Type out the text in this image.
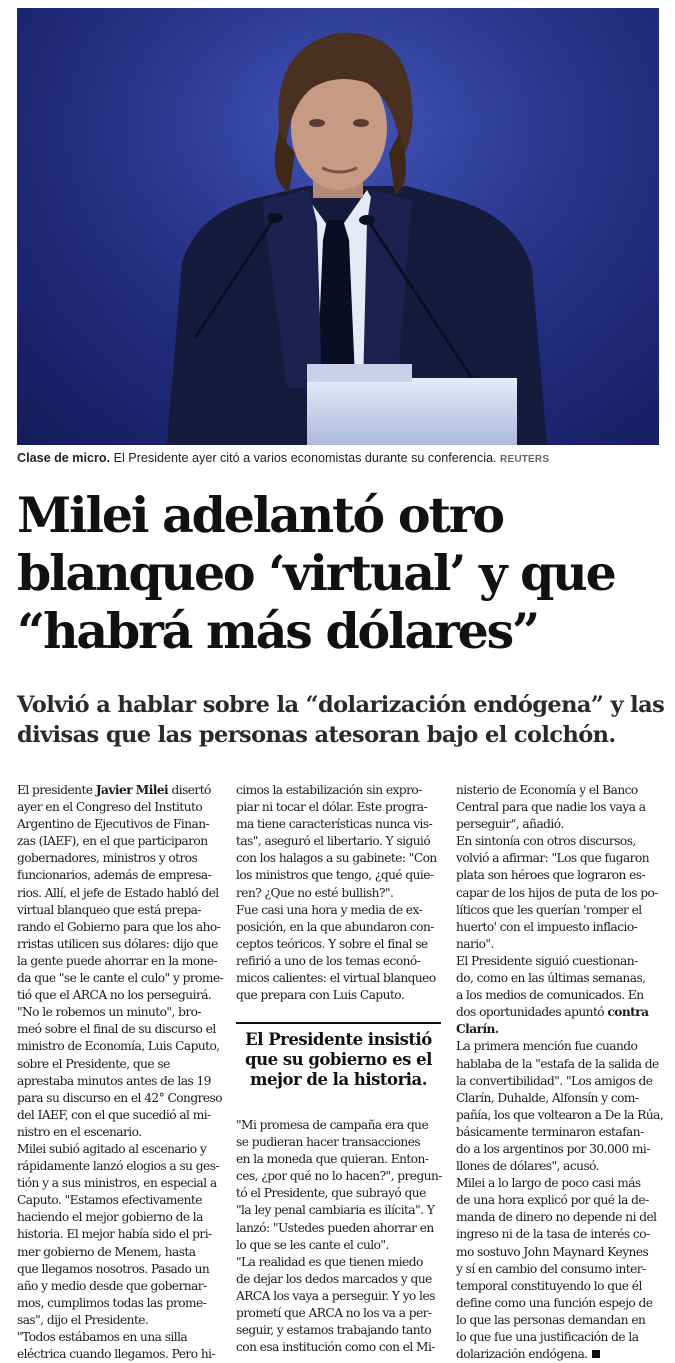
Clase de micro. El Presidente ayer citó a varios economistas durante su conferencia. REUTERS
Milei adelantó otro
blanqueo ‘virtual’ y que
“habrá más dólares”
Volvió a hablar sobre la “dolarización endógena” y las
divisas que las personas atesoran bajo el colchón.
El presidente Javier Milei disertó
ayer en el Congreso del Instituto
Argentino de Ejecutivos de Finan-
zas (IAEF), en el que participaron
gobernadores, ministros y otros
funcionarios, además de empresa-
rios. Allí, el jefe de Estado habló del
virtual blanqueo que está prepa-
rando el Gobierno para que los aho-
rristas utilicen sus dólares: dijo que
la gente puede ahorrar en la mone-
da que "se le cante el culo" y prome-
tió que el ARCA no los perseguirá.
"No le robemos un minuto", bro-
meó sobre el final de su discurso el
ministro de Economía, Luis Caputo,
sobre el Presidente, que se
aprestaba minutos antes de las 19
para su discurso en el 42° Congreso
del IAEF, con el que sucedió al mi-
nistro en el escenario.
Milei subió agitado al escenario y
rápidamente lanzó elogios a su ges-
tión y a sus ministros, en especial a
Caputo. "Estamos efectivamente
haciendo el mejor gobierno de la
historia. El mejor había sido el pri-
mer gobierno de Menem, hasta
que llegamos nosotros. Pasado un
año y medio desde que gobernar-
mos, cumplimos todas las prome-
sas", dijo el Presidente.
"Todos estábamos en una silla
eléctrica cuando llegamos. Pero hi-
cimos la estabilización sin expro-
piar ni tocar el dólar. Este progra-
ma tiene características nunca vis-
tas", aseguró el libertario. Y siguió
con los halagos a su gabinete: "Con
los ministros que tengo, ¿qué quie-
ren? ¿Que no esté bullish?".
Fue casi una hora y media de ex-
posición, en la que abundaron con-
ceptos teóricos. Y sobre el final se
refirió a uno de los temas econó-
micos calientes: el virtual blanqueo
que prepara con Luis Caputo.
El Presidente insistió
que su gobierno es el
mejor de la historia.
"Mi promesa de campaña era que
se pudieran hacer transacciones
en la moneda que quieran. Enton-
ces, ¿por qué no lo hacen?", pregun-
tó el Presidente, que subrayó que
"la ley penal cambiaria es ilícita". Y
lanzó: "Ustedes pueden ahorrar en
lo que se les cante el culo".
"La realidad es que tienen miedo
de dejar los dedos marcados y que
ARCA los vaya a perseguir. Y yo les
prometí que ARCA no los va a per-
seguir, y estamos trabajando tanto
con esa institución como con el Mi-
nisterio de Economía y el Banco
Central para que nadie los vaya a
perseguir", añadió.
En sintonía con otros discursos,
volvió a afirmar: "Los que fugaron
plata son héroes que lograron es-
capar de los hijos de puta de los po-
líticos que les querían 'romper el
huerto' con el impuesto inflacio-
nario".
El Presidente siguió cuestionan-
do, como en las últimas semanas,
a los medios de comunicados. En
dos oportunidades apuntó contra
Clarín.
La primera mención fue cuando
hablaba de la "estafa de la salida de
la convertibilidad". "Los amigos de
Clarín, Duhalde, Alfonsín y com-
pañía, los que voltearon a De la Rúa,
básicamente terminaron estafan-
do a los argentinos por 30.000 mi-
llones de dólares", acusó.
Milei a lo largo de poco casi más
de una hora explicó por qué la de-
manda de dinero no depende ni del
ingreso ni de la tasa de interés co-
mo sostuvo John Maynard Keynes
y sí en cambio del consumo inter-
temporal constituyendo lo que él
define como una función espejo de
lo que las personas demandan en
lo que fue una justificación de la
dolarización endógena.
